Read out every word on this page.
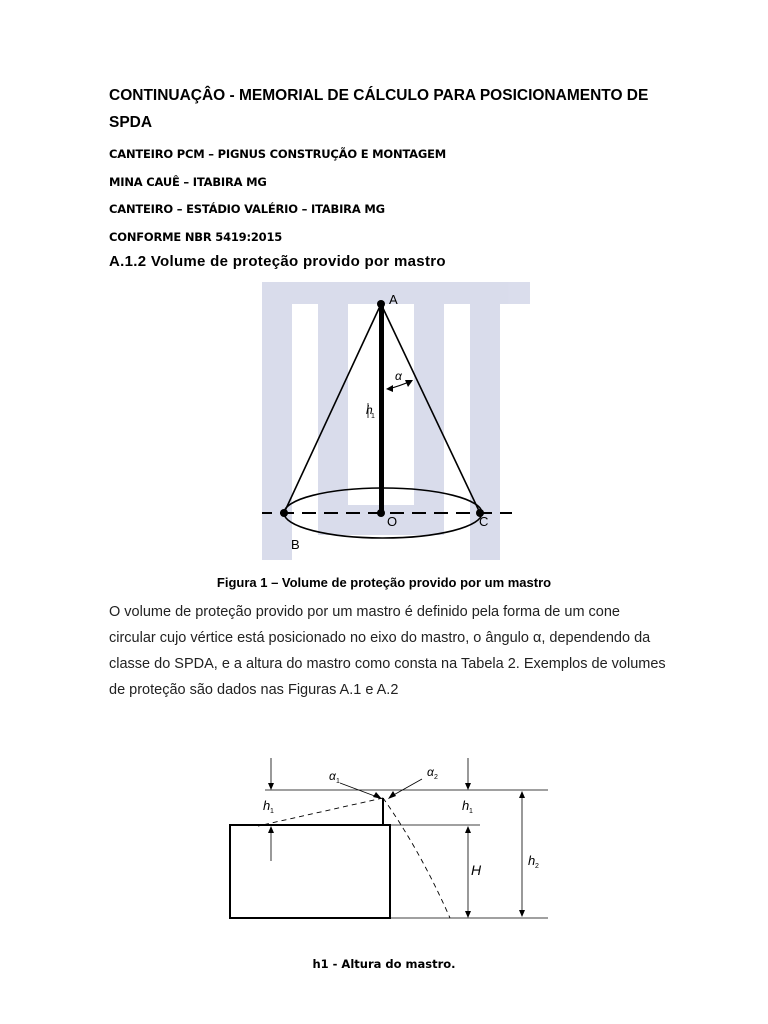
CONTINUAÇÂO - MEMORIAL DE CÁLCULO PARA POSICIONAMENTO DE SPDA
CANTEIRO PCM – PIGNUS CONSTRUÇÃO E MONTAGEM
MINA CAUÊ – ITABIRA MG
CANTEIRO – ESTÁDIO VALÉRIO – ITABIRA MG
CONFORME NBR 5419:2015
A.1.2 Volume de proteção provido por mastro
A
B
O	C
α
h
1
Figura 1 – Volume de proteção provido por um mastro
O volume de proteção provido por um mastro é definido pela forma de um cone circular cujo vértice está posicionado no eixo do mastro, o ângulo α, dependendo da classe do SPDA, e a altura do mastro como consta na Tabela 2. Exemplos de volumes de proteção são dados nas Figuras A.1 e A.2
α 1
α 2
h 1	h 1
H
h 2
h1 - Altura do mastro.
